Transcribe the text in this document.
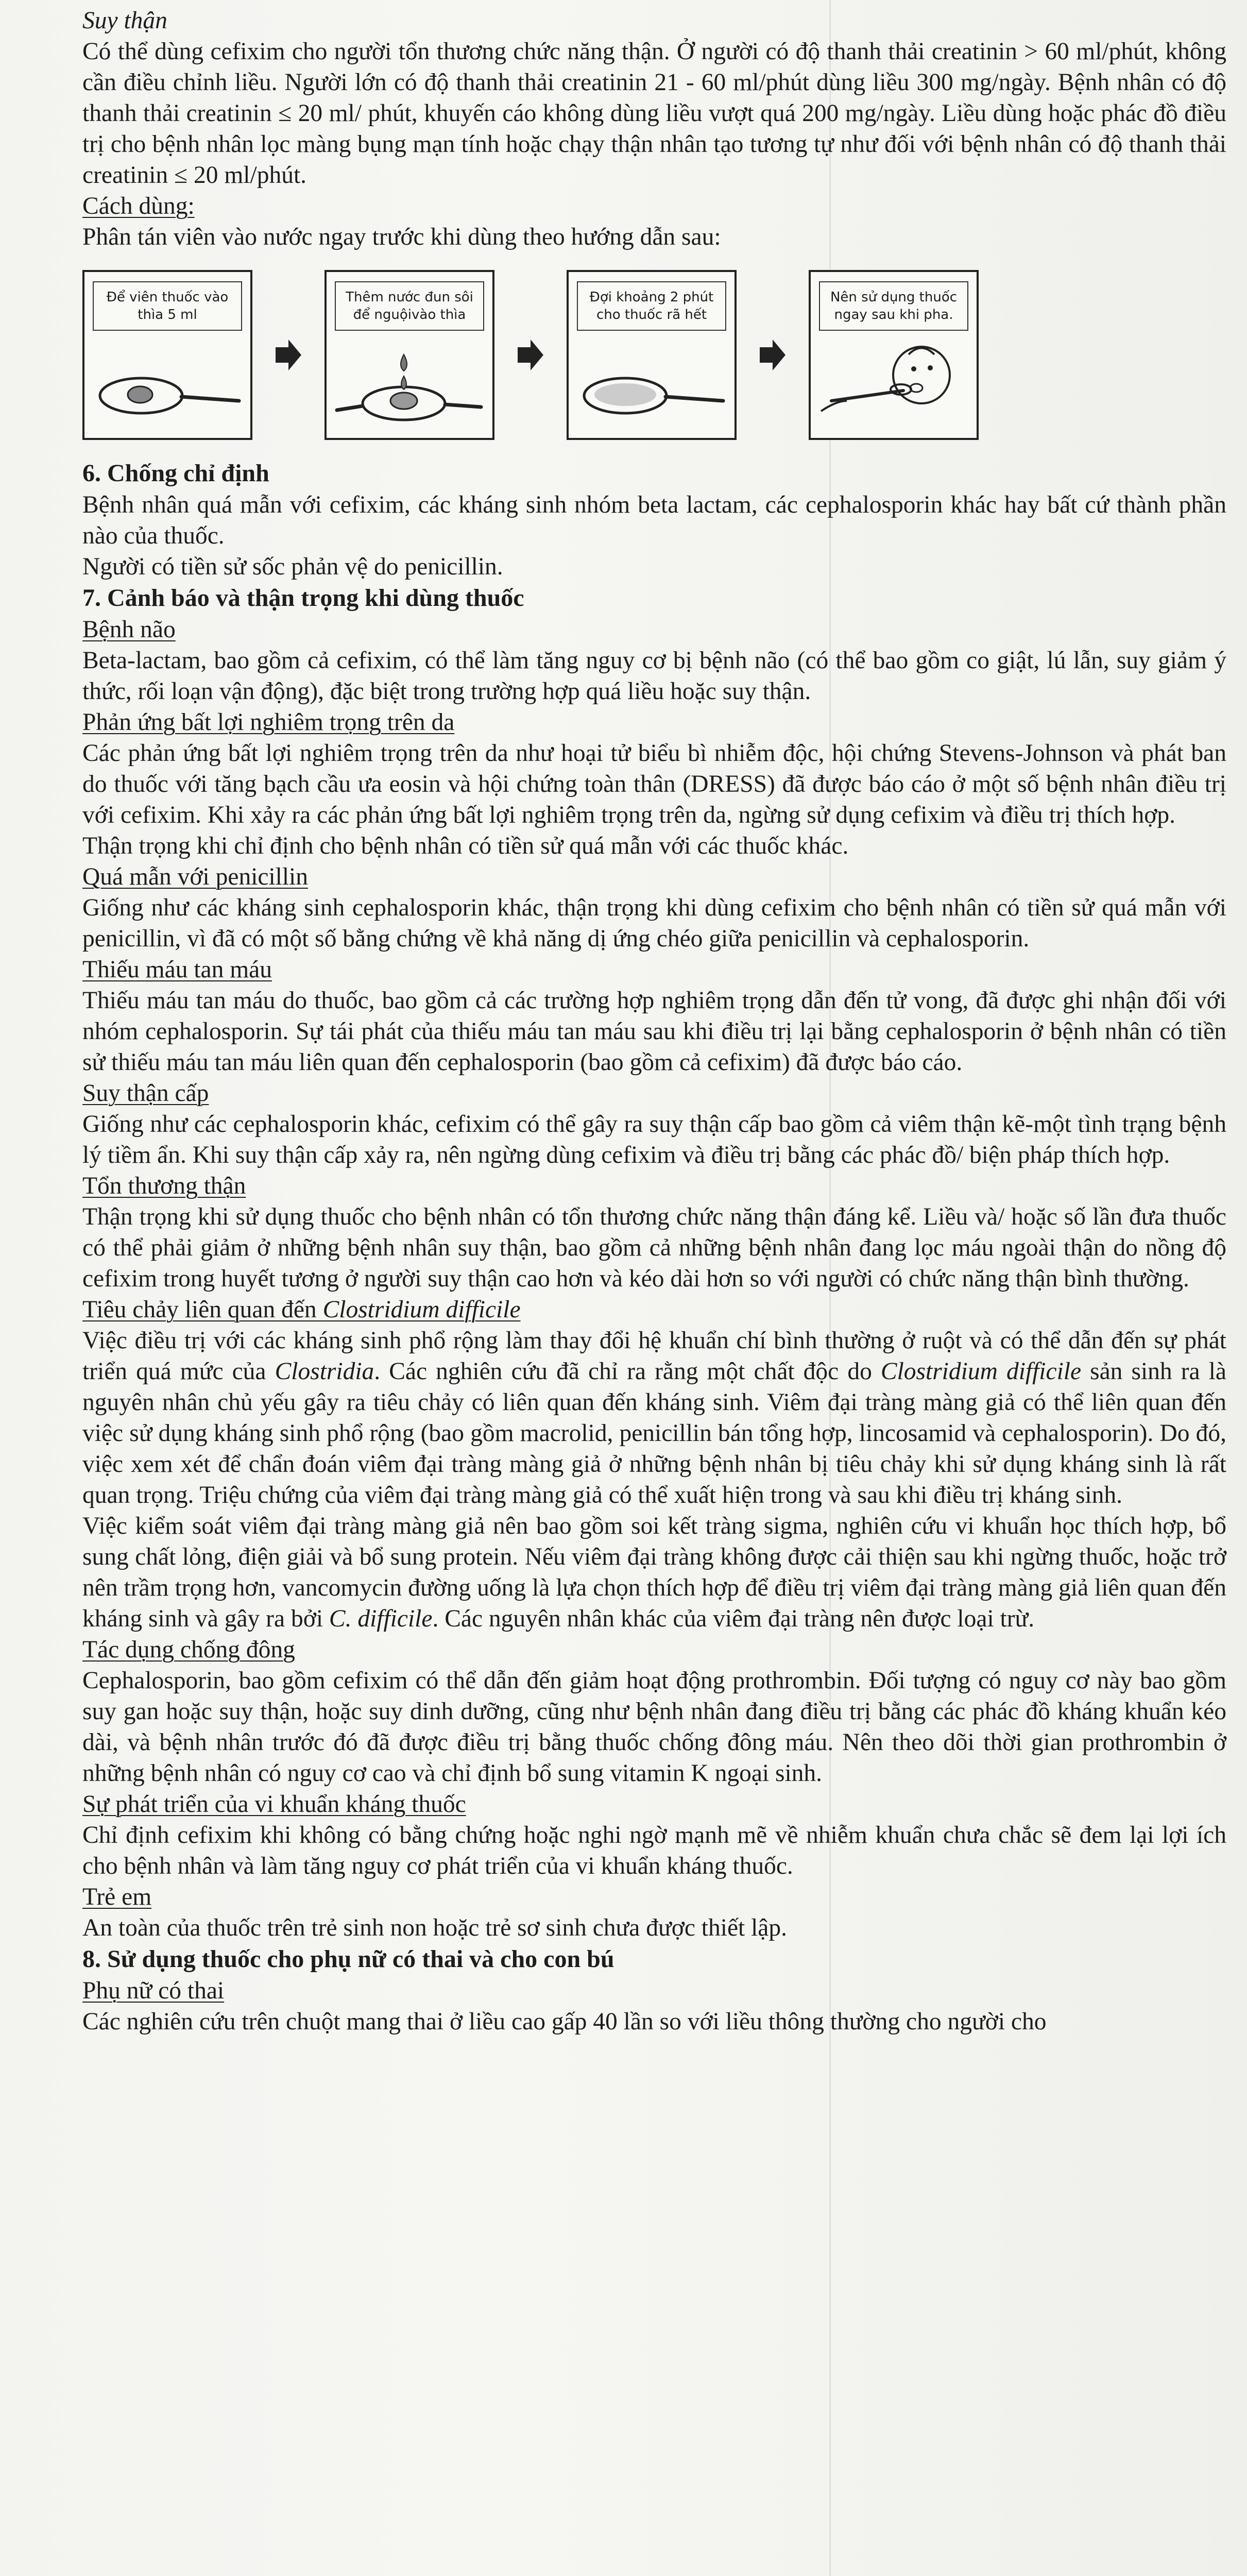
Suy thận

Có thể dùng cefixim cho người tổn thương chức năng thận. Ở người có độ thanh thải creatinin > 60 ml/phút, không cần điều chỉnh liều. Người lớn có độ thanh thải creatinin 21 - 60 ml/phút dùng liều 300 mg/ngày. Bệnh nhân có độ thanh thải creatinin ≤ 20 ml/ phút, khuyến cáo không dùng liều vượt quá 200 mg/ngày. Liều dùng hoặc phác đồ điều trị cho bệnh nhân lọc màng bụng mạn tính hoặc chạy thận nhân tạo tương tự như đối với bệnh nhân có độ thanh thải creatinin ≤ 20 ml/phút.

Cách dùng:

Phân tán viên vào nước ngay trước khi dùng theo hướng dẫn sau:

Để viên thuốc vào thìa 5 ml
Thêm nước đun sôi để nguộivào thìa
Đợi khoảng 2 phút cho thuốc rã hết
Nên sử dụng thuốc ngay sau khi pha.

6. Chống chỉ định

Bệnh nhân quá mẫn với cefixim, các kháng sinh nhóm beta lactam, các cephalosporin khác hay bất cứ thành phần nào của thuốc.

Người có tiền sử sốc phản vệ do penicillin.

7. Cảnh báo và thận trọng khi dùng thuốc

Bệnh não

Beta-lactam, bao gồm cả cefixim, có thể làm tăng nguy cơ bị bệnh não (có thể bao gồm co giật, lú lẫn, suy giảm ý thức, rối loạn vận động), đặc biệt trong trường hợp quá liều hoặc suy thận.

Phản ứng bất lợi nghiêm trọng trên da

Các phản ứng bất lợi nghiêm trọng trên da như hoại tử biểu bì nhiễm độc, hội chứng Stevens-Johnson và phát ban do thuốc với tăng bạch cầu ưa eosin và hội chứng toàn thân (DRESS) đã được báo cáo ở một số bệnh nhân điều trị với cefixim. Khi xảy ra các phản ứng bất lợi nghiêm trọng trên da, ngừng sử dụng cefixim và điều trị thích hợp.

Thận trọng khi chỉ định cho bệnh nhân có tiền sử quá mẫn với các thuốc khác.

Quá mẫn với penicillin

Giống như các kháng sinh cephalosporin khác, thận trọng khi dùng cefixim cho bệnh nhân có tiền sử quá mẫn với penicillin, vì đã có một số bằng chứng về khả năng dị ứng chéo giữa penicillin và cephalosporin.

Thiếu máu tan máu

Thiếu máu tan máu do thuốc, bao gồm cả các trường hợp nghiêm trọng dẫn đến tử vong, đã được ghi nhận đối với nhóm cephalosporin. Sự tái phát của thiếu máu tan máu sau khi điều trị lại bằng cephalosporin ở bệnh nhân có tiền sử thiếu máu tan máu liên quan đến cephalosporin (bao gồm cả cefixim) đã được báo cáo.

Suy thận cấp

Giống như các cephalosporin khác, cefixim có thể gây ra suy thận cấp bao gồm cả viêm thận kẽ-một tình trạng bệnh lý tiềm ẩn. Khi suy thận cấp xảy ra, nên ngừng dùng cefixim và điều trị bằng các phác đồ/ biện pháp thích hợp.

Tổn thương thận

Thận trọng khi sử dụng thuốc cho bệnh nhân có tổn thương chức năng thận đáng kể. Liều và/ hoặc số lần đưa thuốc có thể phải giảm ở những bệnh nhân suy thận, bao gồm cả những bệnh nhân đang lọc máu ngoài thận do nồng độ cefixim trong huyết tương ở người suy thận cao hơn và kéo dài hơn so với người có chức năng thận bình thường.

Tiêu chảy liên quan đến Clostridium difficile

Việc điều trị với các kháng sinh phổ rộng làm thay đổi hệ khuẩn chí bình thường ở ruột và có thể dẫn đến sự phát triển quá mức của Clostridia. Các nghiên cứu đã chỉ ra rằng một chất độc do Clostridium difficile sản sinh ra là nguyên nhân chủ yếu gây ra tiêu chảy có liên quan đến kháng sinh. Viêm đại tràng màng giả có thể liên quan đến việc sử dụng kháng sinh phổ rộng (bao gồm macrolid, penicillin bán tổng hợp, lincosamid và cephalosporin). Do đó, việc xem xét để chẩn đoán viêm đại tràng màng giả ở những bệnh nhân bị tiêu chảy khi sử dụng kháng sinh là rất quan trọng. Triệu chứng của viêm đại tràng màng giả có thể xuất hiện trong và sau khi điều trị kháng sinh.

Việc kiểm soát viêm đại tràng màng giả nên bao gồm soi kết tràng sigma, nghiên cứu vi khuẩn học thích hợp, bổ sung chất lỏng, điện giải và bổ sung protein. Nếu viêm đại tràng không được cải thiện sau khi ngừng thuốc, hoặc trở nên trầm trọng hơn, vancomycin đường uống là lựa chọn thích hợp để điều trị viêm đại tràng màng giả liên quan đến kháng sinh và gây ra bởi C. difficile. Các nguyên nhân khác của viêm đại tràng nên được loại trừ.

Tác dụng chống đông

Cephalosporin, bao gồm cefixim có thể dẫn đến giảm hoạt động prothrombin. Đối tượng có nguy cơ này bao gồm suy gan hoặc suy thận, hoặc suy dinh dưỡng, cũng như bệnh nhân đang điều trị bằng các phác đồ kháng khuẩn kéo dài, và bệnh nhân trước đó đã được điều trị bằng thuốc chống đông máu. Nên theo dõi thời gian prothrombin ở những bệnh nhân có nguy cơ cao và chỉ định bổ sung vitamin K ngoại sinh.

Sự phát triển của vi khuẩn kháng thuốc

Chỉ định cefixim khi không có bằng chứng hoặc nghi ngờ mạnh mẽ về nhiễm khuẩn chưa chắc sẽ đem lại lợi ích cho bệnh nhân và làm tăng nguy cơ phát triển của vi khuẩn kháng thuốc.

Trẻ em

An toàn của thuốc trên trẻ sinh non hoặc trẻ sơ sinh chưa được thiết lập.

8. Sử dụng thuốc cho phụ nữ có thai và cho con bú

Phụ nữ có thai

Các nghiên cứu trên chuột mang thai ở liều cao gấp 40 lần so với liều thông thường cho người cho
